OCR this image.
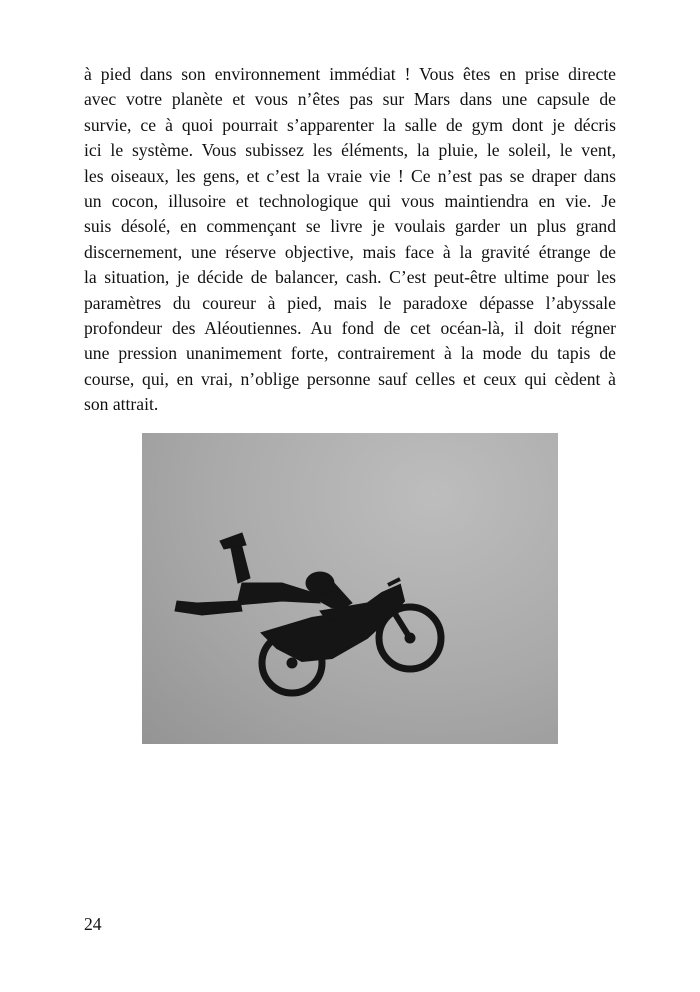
à pied dans son environnement immédiat ! Vous êtes en prise directe
avec votre planète et vous n’êtes pas sur Mars dans une capsule de
survie, ce à quoi pourrait s’apparenter la salle de gym dont je décris
ici le système. Vous subissez les éléments, la pluie, le soleil, le vent,
les oiseaux, les gens, et c’est la vraie vie ! Ce n’est pas se draper dans
un cocon, illusoire et technologique qui vous maintiendra en vie. Je
suis désolé, en commençant se livre je voulais garder un plus grand
discernement, une réserve objective, mais face à la gravité étrange de
la situation, je décide de balancer, cash. C’est peut-être ultime pour les
paramètres du coureur à pied, mais le paradoxe dépasse l’abyssale
profondeur des Aléoutiennes. Au fond de cet océan-là, il doit régner
une pression unanimement forte, contrairement à la mode du tapis de
course, qui, en vrai, n’oblige personne sauf celles et ceux qui cèdent à
son attrait.
24
